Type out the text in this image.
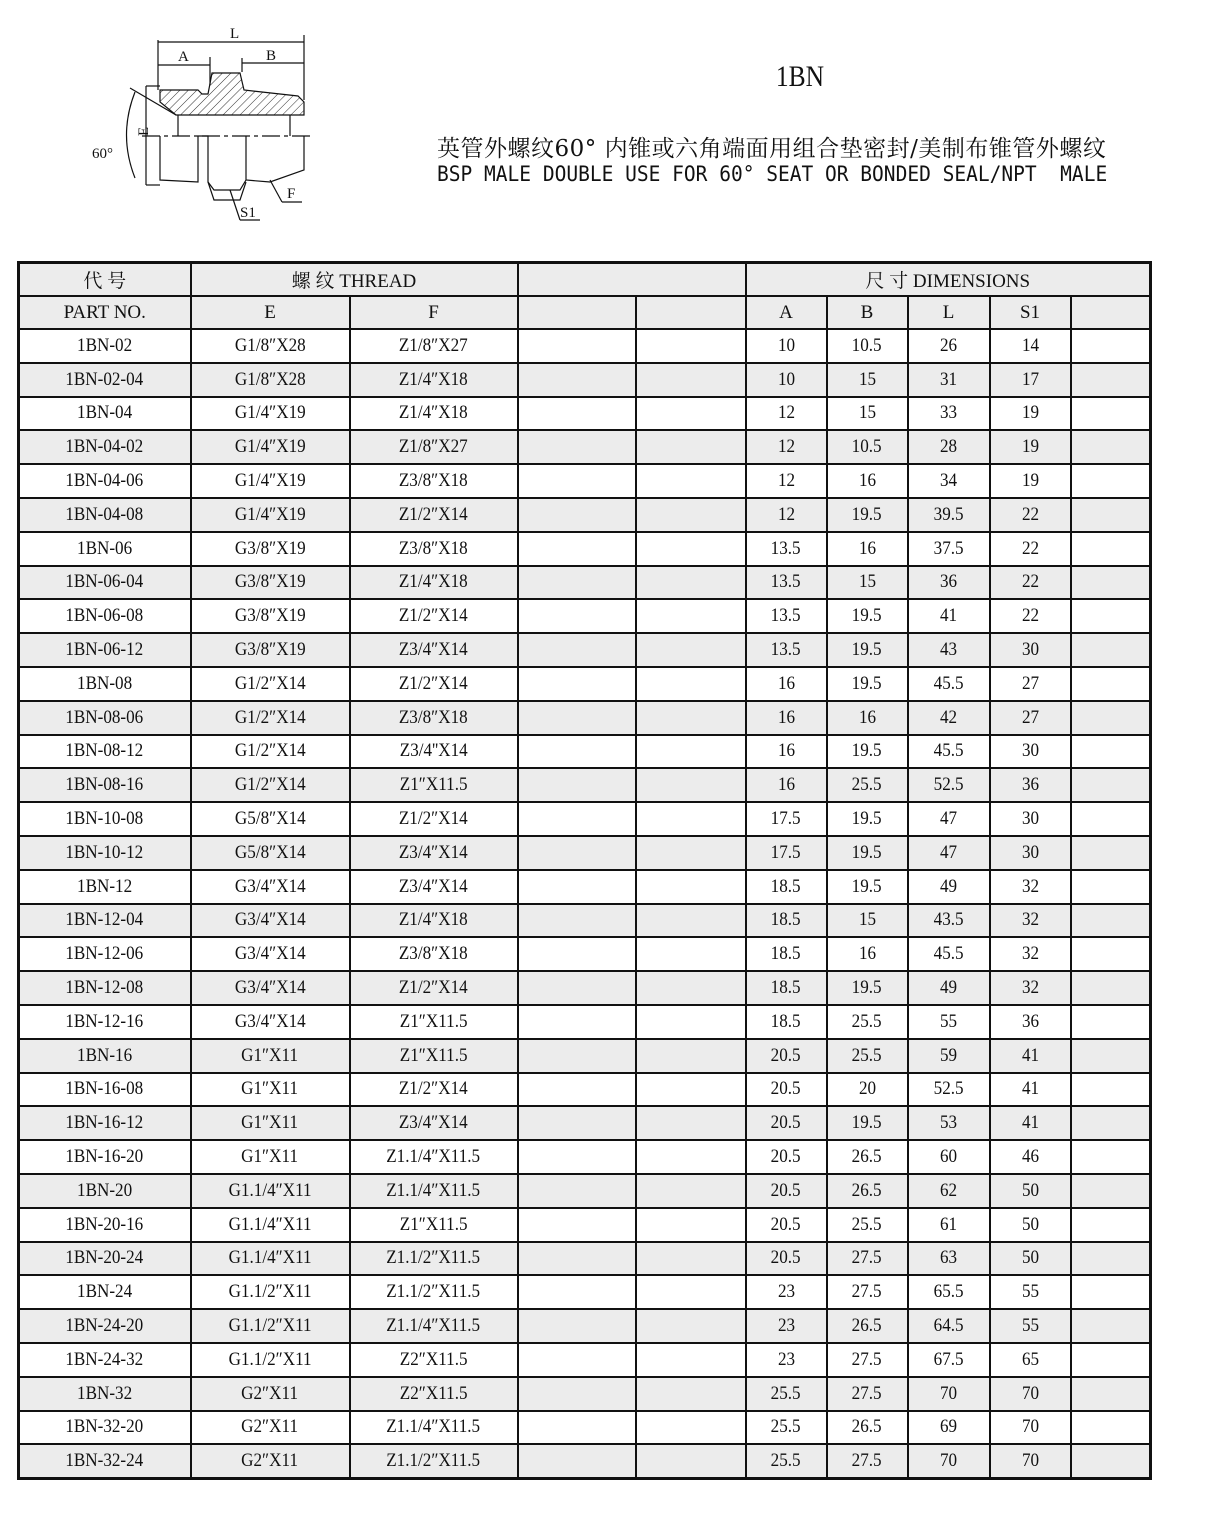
L
A	B
E
F
S1
60°
1BN
英管外螺纹60° 内锥或六角端面用组合垫密封/美制布锥管外螺纹
BSP MALE DOUBLE USE FOR 60° SEAT OR BONDED SEAL/NPT  MALE
代 号	螺 纹 THREAD				尺 寸 DIMENSIONS				
PART NO.	E	F			A	B	L	S1	
1BN-02	G1/8″X28	Z1/8″X27			10	10.5	26	14	
1BN-02-04	G1/8″X28	Z1/4″X18			10	15	31	17	
1BN-04	G1/4″X19	Z1/4″X18			12	15	33	19	
1BN-04-02	G1/4″X19	Z1/8″X27			12	10.5	28	19	
1BN-04-06	G1/4″X19	Z3/8″X18			12	16	34	19	
1BN-04-08	G1/4″X19	Z1/2″X14			12	19.5	39.5	22	
1BN-06	G3/8″X19	Z3/8″X18			13.5	16	37.5	22	
1BN-06-04	G3/8″X19	Z1/4″X18			13.5	15	36	22	
1BN-06-08	G3/8″X19	Z1/2″X14			13.5	19.5	41	22	
1BN-06-12	G3/8″X19	Z3/4″X14			13.5	19.5	43	30	
1BN-08	G1/2″X14	Z1/2″X14			16	19.5	45.5	27	
1BN-08-06	G1/2″X14	Z3/8″X18			16	16	42	27	
1BN-08-12	G1/2″X14	Z3/4''X14			16	19.5	45.5	30	
1BN-08-16	G1/2″X14	Z1″X11.5			16	25.5	52.5	36	
1BN-10-08	G5/8″X14	Z1/2″X14			17.5	19.5	47	30	
1BN-10-12	G5/8″X14	Z3/4″X14			17.5	19.5	47	30	
1BN-12	G3/4″X14	Z3/4″X14			18.5	19.5	49	32	
1BN-12-04	G3/4″X14	Z1/4″X18			18.5	15	43.5	32	
1BN-12-06	G3/4″X14	Z3/8″X18			18.5	16	45.5	32	
1BN-12-08	G3/4″X14	Z1/2″X14			18.5	19.5	49	32	
1BN-12-16	G3/4″X14	Z1″X11.5			18.5	25.5	55	36	
1BN-16	G1″X11	Z1″X11.5			20.5	25.5	59	41	
1BN-16-08	G1″X11	Z1/2″X14			20.5	20	52.5	41	
1BN-16-12	G1″X11	Z3/4″X14			20.5	19.5	53	41	
1BN-16-20	G1″X11	Z1.1/4″X11.5			20.5	26.5	60	46	
1BN-20	G1.1/4″X11	Z1.1/4″X11.5			20.5	26.5	62	50	
1BN-20-16	G1.1/4″X11	Z1″X11.5			20.5	25.5	61	50	
1BN-20-24	G1.1/4″X11	Z1.1/2″X11.5			20.5	27.5	63	50	
1BN-24	G1.1/2″X11	Z1.1/2″X11.5			23	27.5	65.5	55	
1BN-24-20	G1.1/2″X11	Z1.1/4″X11.5			23	26.5	64.5	55	
1BN-24-32	G1.1/2″X11	Z2″X11.5			23	27.5	67.5	65	
1BN-32	G2″X11	Z2″X11.5			25.5	27.5	70	70	
1BN-32-20	G2″X11	Z1.1/4″X11.5			25.5	26.5	69	70	
1BN-32-24	G2″X11	Z1.1/2″X11.5			25.5	27.5	70	70	
